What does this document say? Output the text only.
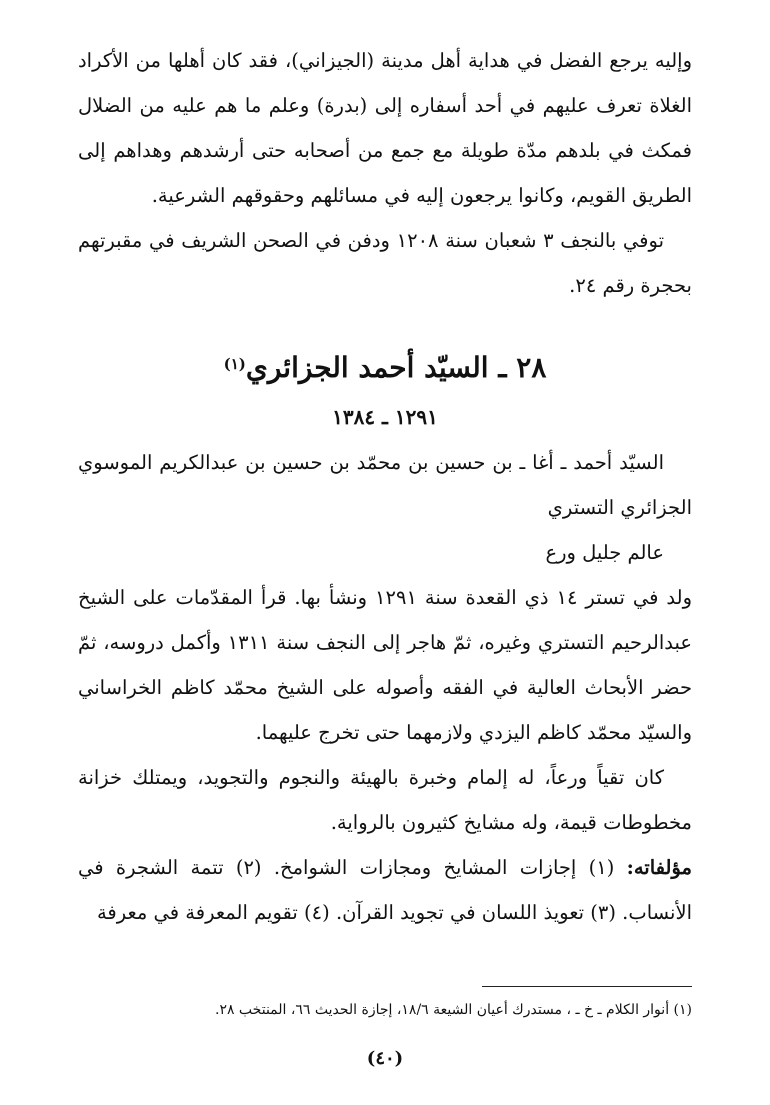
وإليه يرجع الفضل في هداية أهل مدينة (الجيزاني)، فقد كان أهلها من الأكراد الغلاة تعرف عليهم في أحد أسفاره إلى (بدرة) وعلم ما هم عليه من الضلال فمكث في بلدهم مدّة طويلة مع جمع من أصحابه حتى أرشدهم وهداهم إلى الطريق القويم، وكانوا يرجعون إليه في مسائلهم وحقوقهم الشرعية.

توفي بالنجف ٣ شعبان سنة ١٢٠٨ ودفن في الصحن الشريف في مقبرتهم بحجرة رقم ٢٤.

٢٨ ـ السيّد أحمد الجزائري$^{(١)}$
١٢٩١ ـ ١٣٨٤

السيّد أحمد ـ أغا ـ بن حسين بن محمّد بن حسين بن عبدالكريم الموسوي الجزائري التستري

عالم جليل ورع

ولد في تستر ١٤ ذي القعدة سنة ١٢٩١ ونشأ بها. قرأ المقدّمات على الشيخ عبدالرحيم التستري وغيره، ثمّ هاجر إلى النجف سنة ١٣١١ وأكمل دروسه، ثمّ حضر الأبحاث العالية في الفقه وأصوله على الشيخ محمّد كاظم الخراساني والسيّد محمّد كاظم اليزدي ولازمهما حتى تخرج عليهما.

كان تقياً ورعاً، له إلمام وخبرة بالهيئة والنجوم والتجويد، ويمتلك خزانة مخطوطات قيمة، وله مشايخ كثيرون بالرواية.

مؤلفاته: (١) إجازات المشايخ ومجازات الشوامخ. (٢) تتمة الشجرة في الأنساب. (٣) تعويذ اللسان في تجويد القرآن. (٤) تقويم المعرفة في معرفة

(١) أنوار الكلام ـ خ ـ ، مستدرك أعيان الشيعة ١٨/٦، إجازة الحديث ٦٦، المنتخب ٢٨.

(٤٠)
